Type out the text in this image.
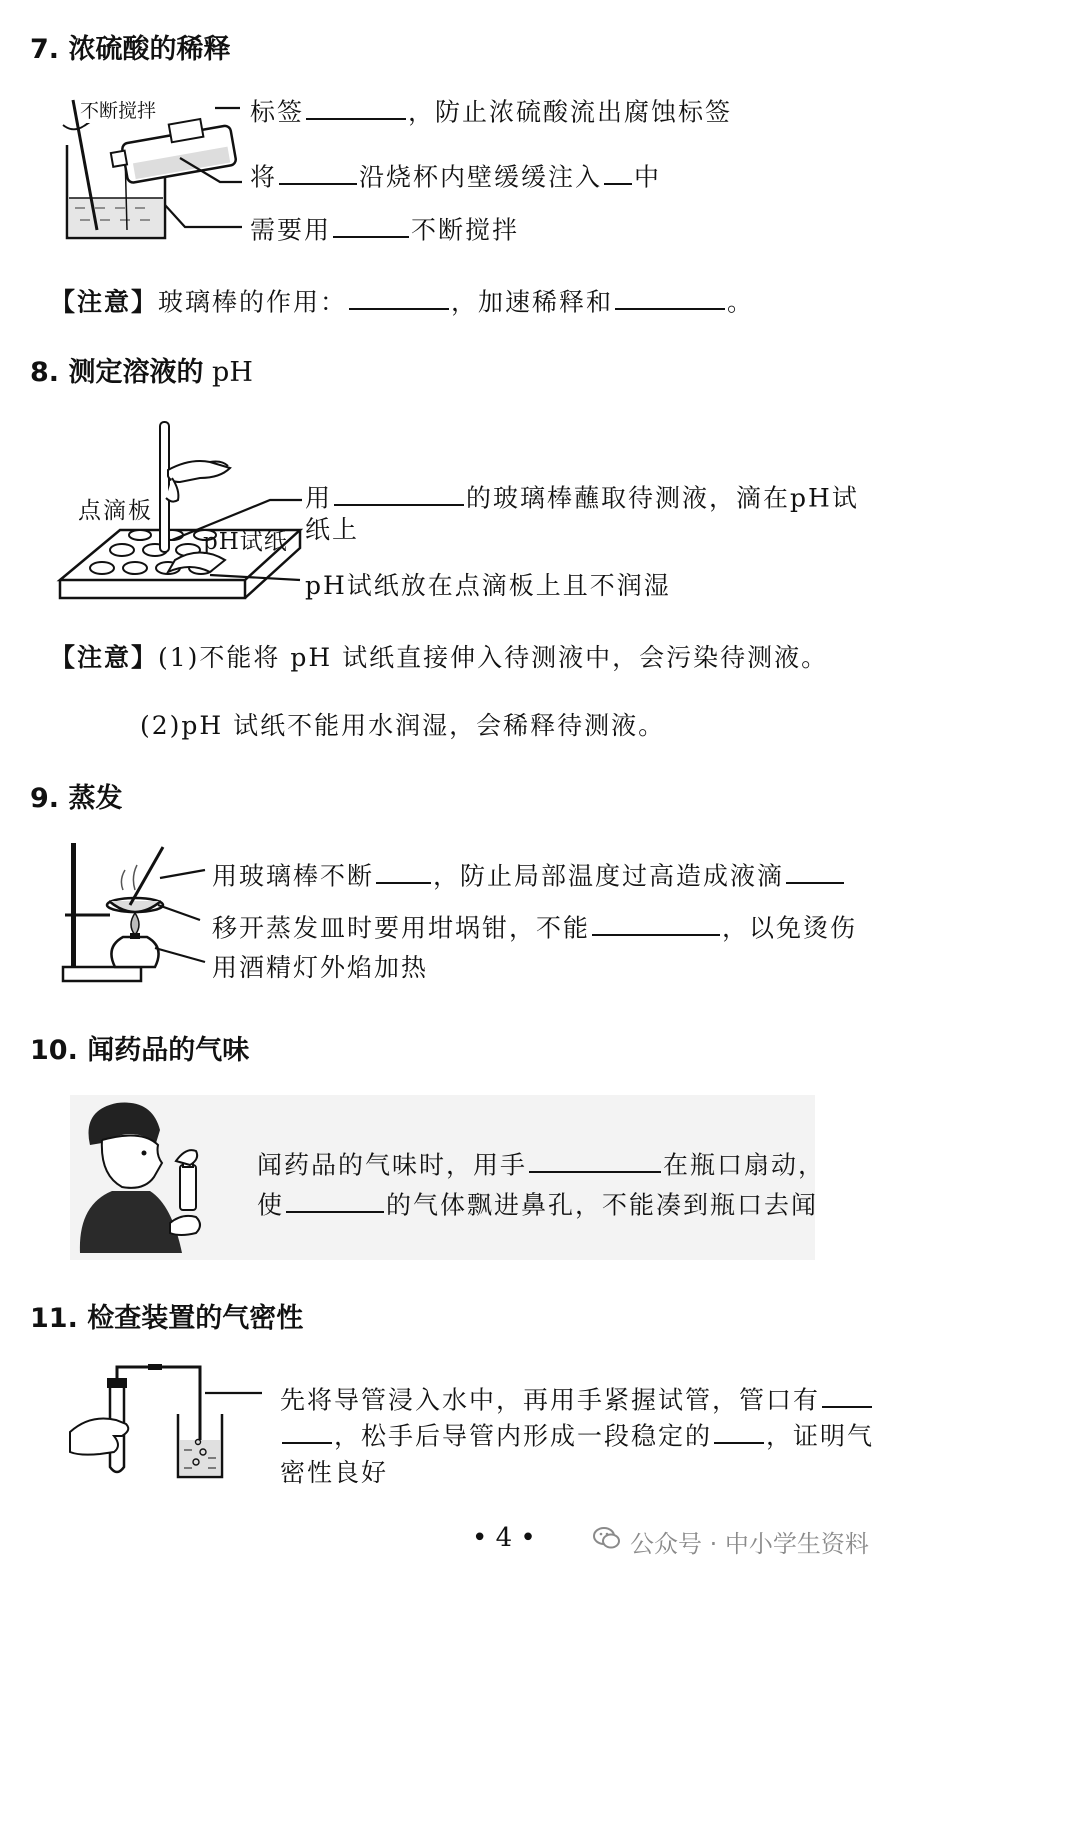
7. 浓硫酸的稀释
不断搅拌	标签	，防止浓硫酸流出腐蚀标签
将	沿烧杯内壁缓缓注入 中
需要用	不断搅拌
【注意】玻璃棒的作用：	，加速稀释和	。
8. 测定溶液的 pH
点滴板
pH试纸
用	的玻璃棒蘸取待测液，滴在pH试
纸上
pH试纸放在点滴板上且不润湿
【注意】(1)不能将 pH 试纸直接伸入待测液中，会污染待测液。
(2)pH 试纸不能用水润湿，会稀释待测液。
9. 蒸发
用玻璃棒不断 ，防止局部温度过高造成液滴
移开蒸发皿时要用坩埚钳，不能	，以免烫伤
用酒精灯外焰加热
10. 闻药品的气味
闻药品的气味时，用手	在瓶口扇动，
使	的气体飘进鼻孔，不能凑到瓶口去闻
11. 检查装置的气密性
先将导管浸入水中，再用手紧握试管，管口有
，松手后导管内形成一段稳定的 ，证明气
密性良好
• 4 •	公众号 · 中小学生资料
